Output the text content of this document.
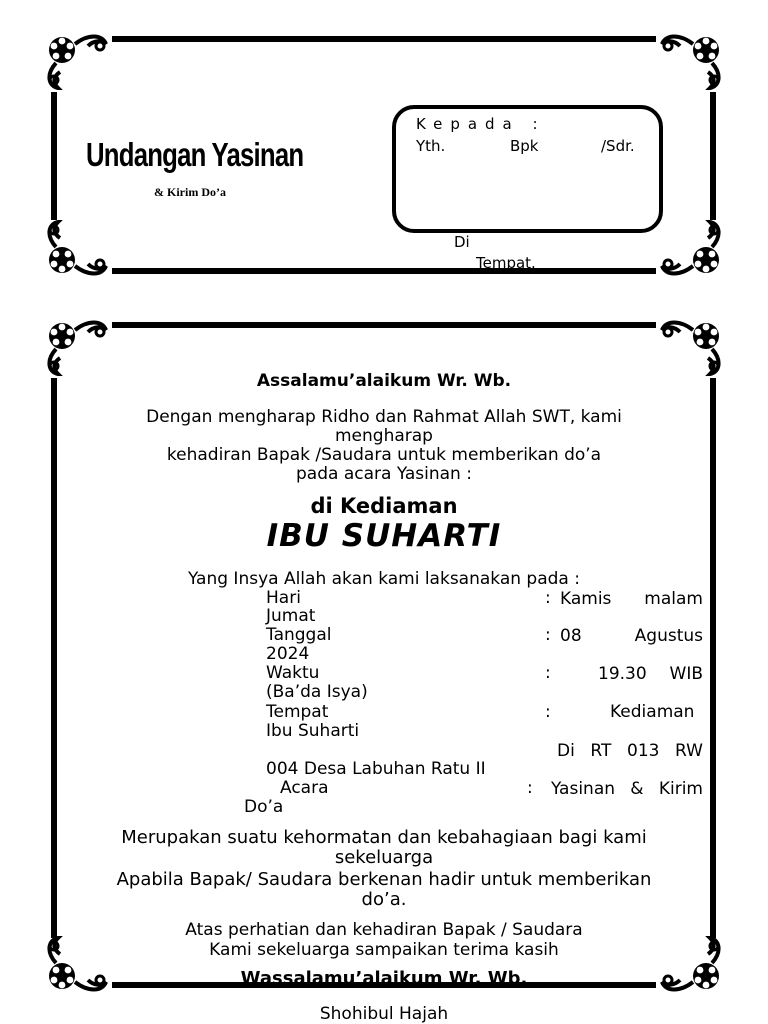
Undangan Yasinan
& Kirim Do’a
Kepada :
Yth.	Bpk	/Sdr.
Di
Tempat.
Assalamu’alaikum Wr. Wb.
Dengan mengharap Ridho dan Rahmat Allah SWT, kami
mengharap
kehadiran Bapak /Saudara untuk memberikan do’a
pada acara Yasinan :
di Kediaman
IBU SUHARTI
Yang Insya Allah akan kami laksanakan pada :
Hari	: Kamis malam
Jumat
Tanggal	: 08 Agustus
2024
Waktu	:	19.30 WIB
(Ba’da Isya)
Tempat	:	Kediaman
Ibu Suharti
Di RT 013 RW
004 Desa Labuhan Ratu II
Acara	: Yasinan & Kirim
Do’a
Merupakan suatu kehormatan dan kebahagiaan bagi kami
sekeluarga
Apabila Bapak/ Saudara berkenan hadir untuk memberikan
do’a.
Atas perhatian dan kehadiran Bapak / Saudara
Kami sekeluarga sampaikan terima kasih
Wassalamu’alaikum Wr. Wb.
Shohibul Hajah
